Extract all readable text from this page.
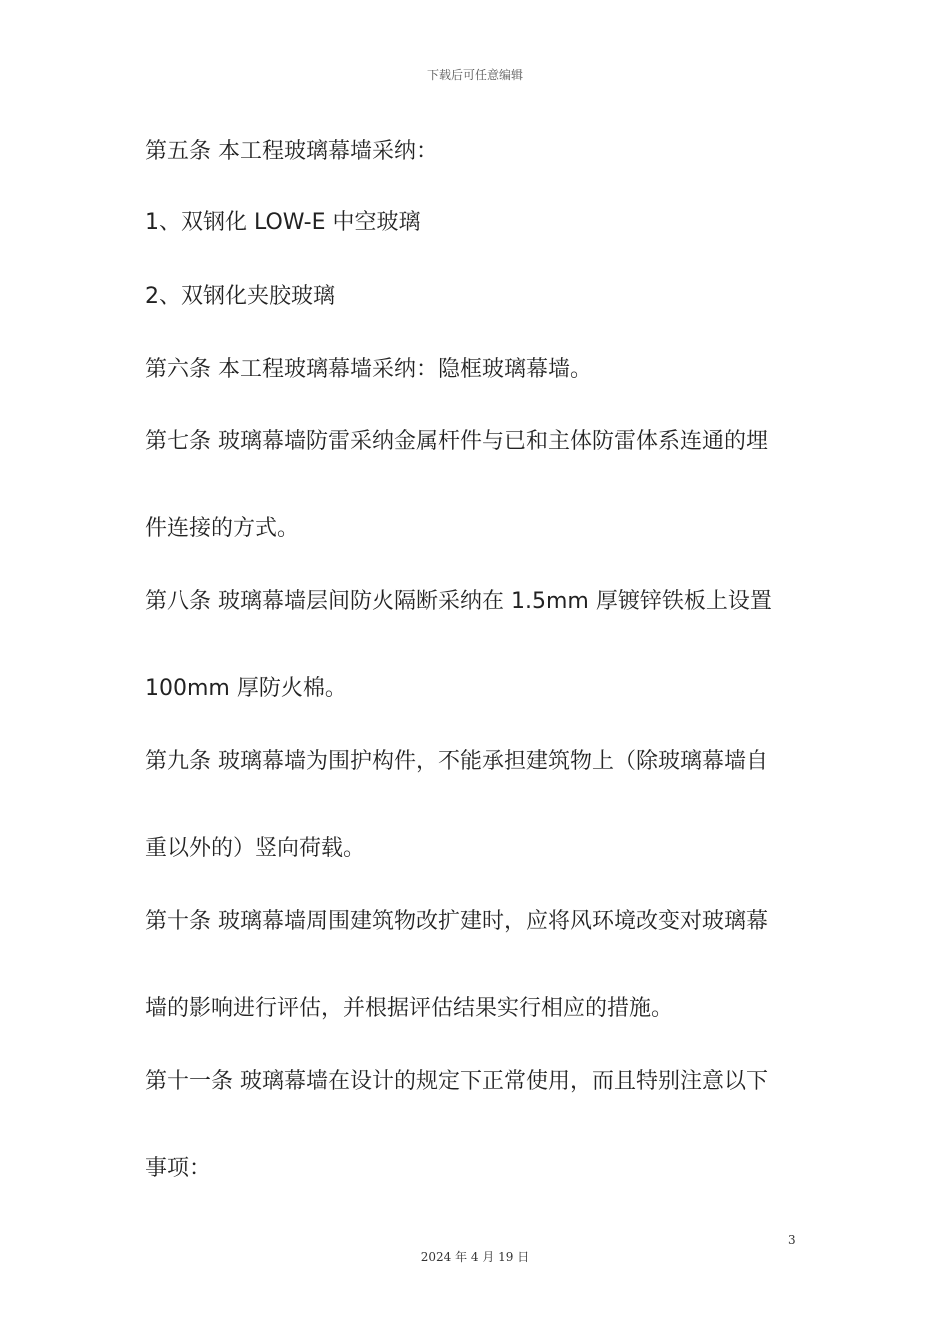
下载后可任意编辑
第五条 本工程玻璃幕墙采纳：
1、双钢化 LOW-E 中空玻璃
2、双钢化夹胶玻璃
第六条 本工程玻璃幕墙采纳：隐框玻璃幕墙。
第七条 玻璃幕墙防雷采纳金属杆件与已和主体防雷体系连通的埋
件连接的方式。
第八条 玻璃幕墙层间防火隔断采纳在 1.5mm 厚镀锌铁板上设置
100mm 厚防火棉。
第九条 玻璃幕墙为围护构件，不能承担建筑物上（除玻璃幕墙自
重以外的）竖向荷载。
第十条 玻璃幕墙周围建筑物改扩建时，应将风环境改变对玻璃幕
墙的影响进行评估，并根据评估结果实行相应的措施。
第十一条 玻璃幕墙在设计的规定下正常使用，而且特别注意以下
事项：
3
2024 年 4 月 19 日
